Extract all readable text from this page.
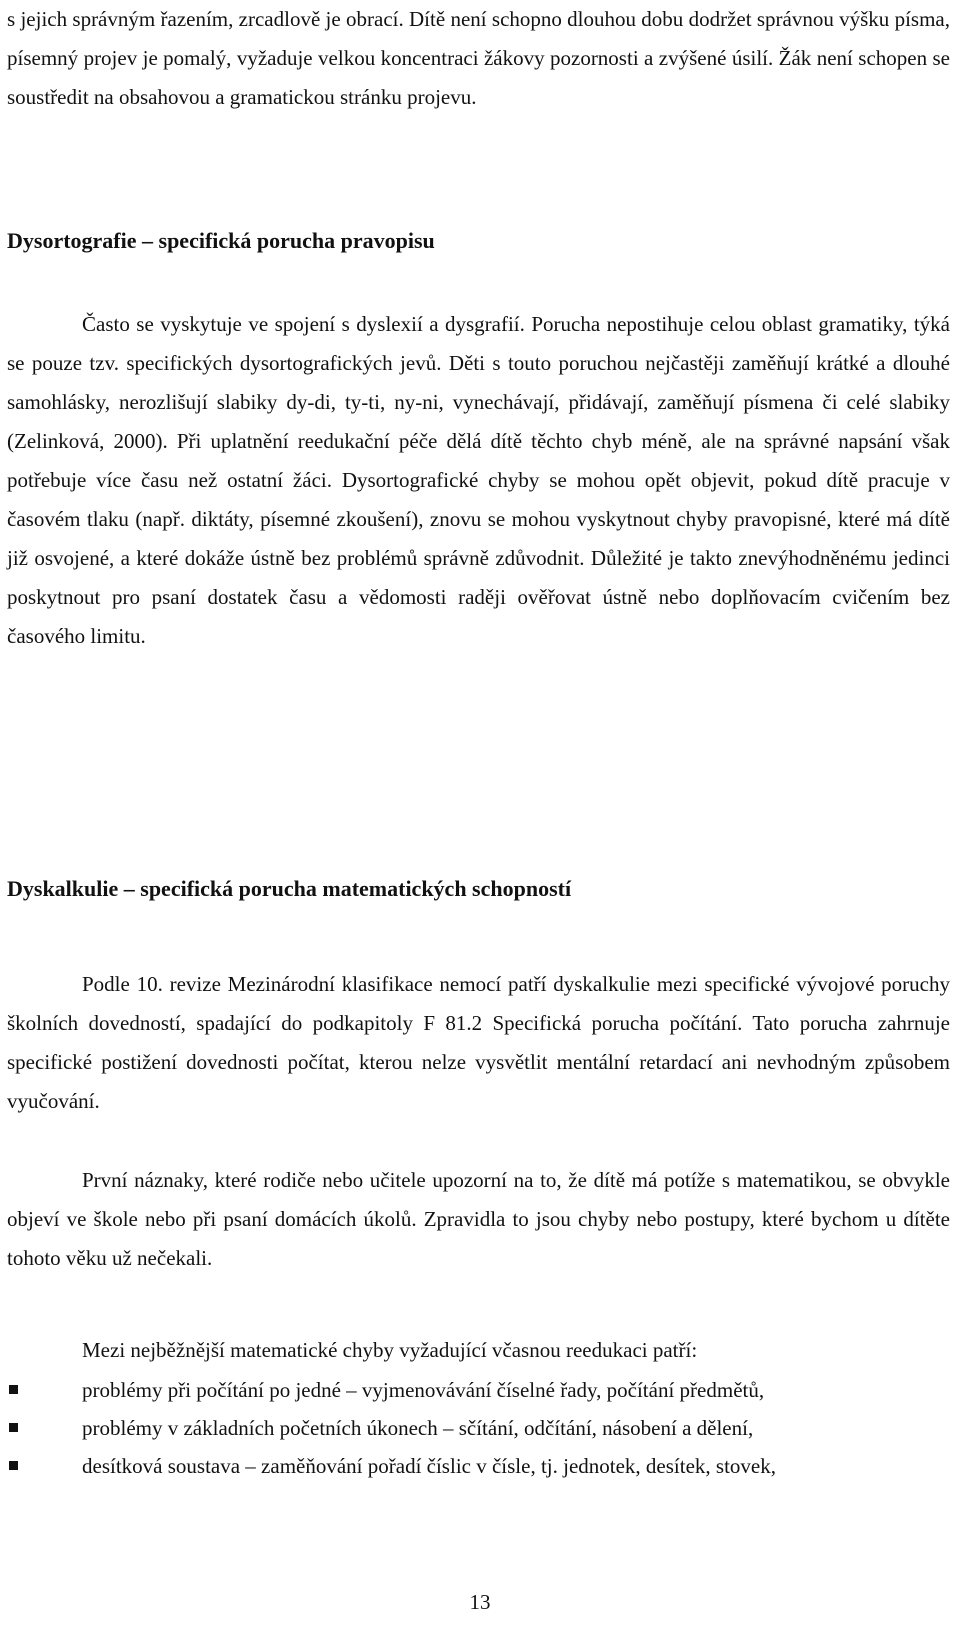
s jejich správným řazením, zrcadlově je obrací. Dítě není schopno dlouhou dobu dodržet správnou výšku písma, písemný projev je pomalý, vyžaduje velkou koncentraci žákovy pozornosti a zvýšené úsilí. Žák není schopen se soustředit na obsahovou a gramatickou stránku projevu.

Dysortografie – specifická porucha pravopisu

Často se vyskytuje ve spojení s dyslexií a dysgrafií. Porucha nepostihuje celou oblast gramatiky, týká se pouze tzv. specifických dysortografických jevů. Děti s touto poruchou nejčastěji zaměňují krátké a dlouhé samohlásky, nerozlišují slabiky dy-di, ty-ti, ny-ni, vynechávají, přidávají, zaměňují písmena či celé slabiky (Zelinková, 2000). Při uplatnění reedukační péče dělá dítě těchto chyb méně, ale na správné napsání však potřebuje více času než ostatní žáci. Dysortografické chyby se mohou opět objevit, pokud dítě pracuje v časovém tlaku (např. diktáty, písemné zkoušení), znovu se mohou vyskytnout chyby pravopisné, které má dítě již osvojené, a které dokáže ústně bez problémů správně zdůvodnit. Důležité je takto znevýhodněnému jedinci poskytnout pro psaní dostatek času a vědomosti raději ověřovat ústně nebo doplňovacím cvičením bez časového limitu.

Dyskalkulie – specifická porucha matematických schopností

Podle 10. revize Mezinárodní klasifikace nemocí patří dyskalkulie mezi specifické vývojové poruchy školních dovedností, spadající do podkapitoly F 81.2 Specifická porucha počítání. Tato porucha zahrnuje specifické postižení dovednosti počítat, kterou nelze vysvětlit mentální retardací ani nevhodným způsobem vyučování.

První náznaky, které rodiče nebo učitele upozorní na to, že dítě má potíže s matematikou, se obvykle objeví ve škole nebo při psaní domácích úkolů. Zpravidla to jsou chyby nebo postupy, které bychom u dítěte tohoto věku už nečekali.

Mezi nejběžnější matematické chyby vyžadující včasnou reedukaci patří:
problémy při počítání po jedné – vyjmenovávání číselné řady, počítání předmětů,
problémy v základních početních úkonech – sčítání, odčítání, násobení a dělení,
desítková soustava – zaměňování pořadí číslic v čísle, tj. jednotek, desítek, stovek,
13
